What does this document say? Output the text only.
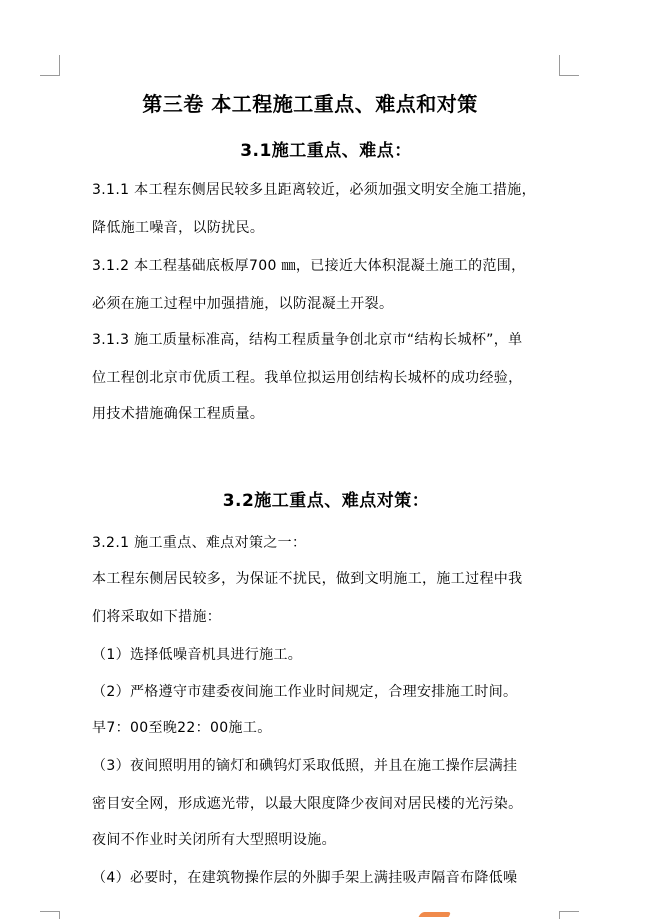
第三卷 本工程施工重点、难点和对策
3.1施工重点、难点：
3.1.1 本工程东侧居民较多且距离较近，必须加强文明安全施工措施，
降低施工噪音，以防扰民。
3.1.2 本工程基础底板厚700 ㎜，已接近大体积混凝土施工的范围，
必须在施工过程中加强措施，以防混凝土开裂。
3.1.3 施工质量标准高，结构工程质量争创北京市“结构长城杯”，单
位工程创北京市优质工程。我单位拟运用创结构长城杯的成功经验，
用技术措施确保工程质量。
3.2施工重点、难点对策：
3.2.1 施工重点、难点对策之一：
本工程东侧居民较多，为保证不扰民，做到文明施工，施工过程中我
们将采取如下措施：
（1）选择低噪音机具进行施工。
（2）严格遵守市建委夜间施工作业时间规定，合理安排施工时间。
早7：00至晚22：00施工。
（3）夜间照明用的镝灯和碘钨灯采取低照，并且在施工操作层满挂
密目安全网，形成遮光带，以最大限度降少夜间对居民楼的光污染。
夜间不作业时关闭所有大型照明设施。
（4）必要时，在建筑物操作层的外脚手架上满挂吸声隔音布降低噪
